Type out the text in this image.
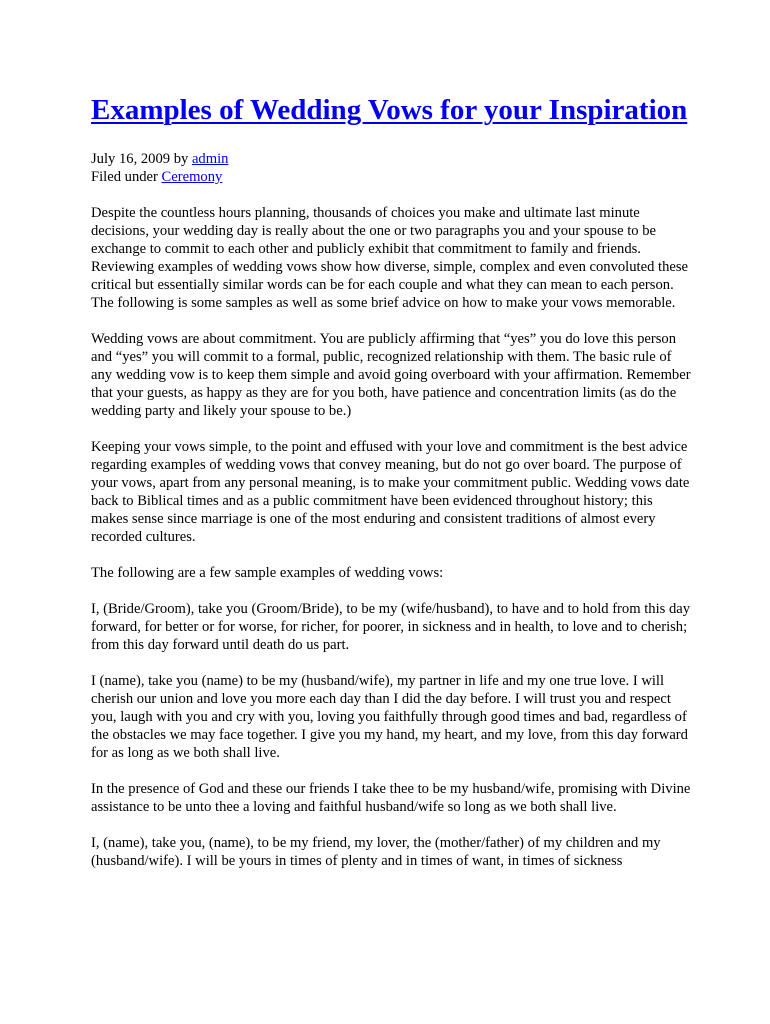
Examples of Wedding Vows for your Inspiration
July 16, 2009 by admin
Filed under Ceremony

Despite the countless hours planning, thousands of choices you make and ultimate last minute decisions, your wedding day is really about the one or two paragraphs you and your spouse to be exchange to commit to each other and publicly exhibit that commitment to family and friends. Reviewing examples of wedding vows show how diverse, simple, complex and even convoluted these critical but essentially similar words can be for each couple and what they can mean to each person. The following is some samples as well as some brief advice on how to make your vows memorable.

Wedding vows are about commitment. You are publicly affirming that “yes” you do love this person and “yes” you will commit to a formal, public, recognized relationship with them. The basic rule of any wedding vow is to keep them simple and avoid going overboard with your affirmation. Remember that your guests, as happy as they are for you both, have patience and concentration limits (as do the wedding party and likely your spouse to be.)

Keeping your vows simple, to the point and effused with your love and commitment is the best advice regarding examples of wedding vows that convey meaning, but do not go over board. The purpose of your vows, apart from any personal meaning, is to make your commitment public. Wedding vows date back to Biblical times and as a public commitment have been evidenced throughout history; this makes sense since marriage is one of the most enduring and consistent traditions of almost every recorded cultures.

The following are a few sample examples of wedding vows:

I, (Bride/Groom), take you (Groom/Bride), to be my (wife/husband), to have and to hold from this day forward, for better or for worse, for richer, for poorer, in sickness and in health, to love and to cherish; from this day forward until death do us part.

I (name), take you (name) to be my (husband/wife), my partner in life and my one true love. I will cherish our union and love you more each day than I did the day before. I will trust you and respect you, laugh with you and cry with you, loving you faithfully through good times and bad, regardless of the obstacles we may face together. I give you my hand, my heart, and my love, from this day forward for as long as we both shall live.

In the presence of God and these our friends I take thee to be my husband/wife, promising with Divine assistance to be unto thee a loving and faithful husband/wife so long as we both shall live.

I, (name), take you, (name), to be my friend, my lover, the (mother/father) of my children and my (husband/wife). I will be yours in times of plenty and in times of want, in times of sickness
